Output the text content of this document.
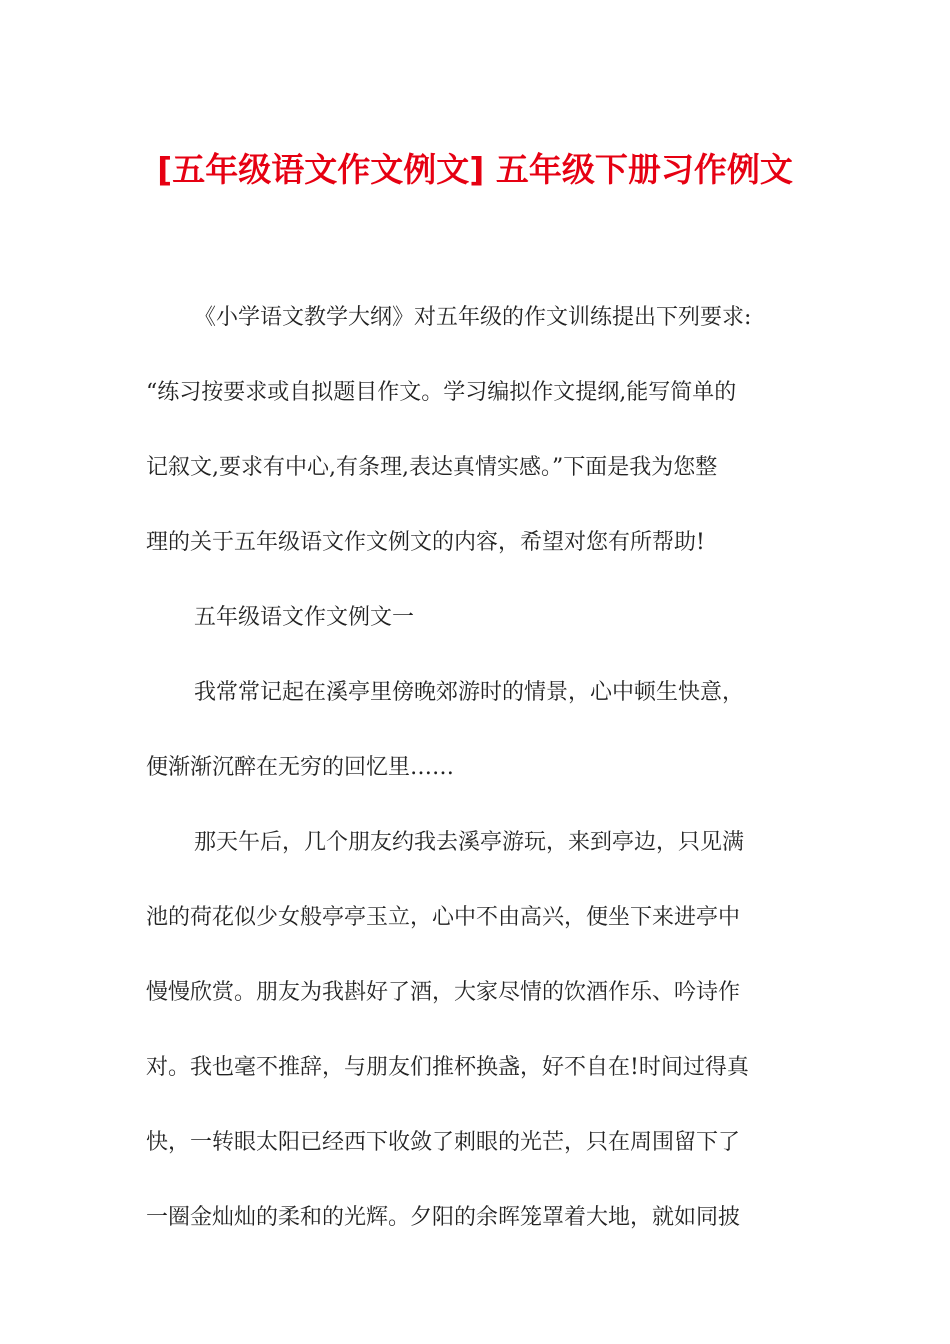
[五年级语文作文例文] 五年级下册习作例文
《小学语文教学大纲》对五年级的作文训练提出下列要求:
“练习按要求或自拟题目作文。学习编拟作文提纲,能写简单的
记叙文,要求有中心,有条理,表达真情实感。”下面是我为您整
理的关于五年级语文作文例文的内容，希望对您有所帮助!
五年级语文作文例文一
我常常记起在溪亭里傍晚郊游时的情景，心中顿生快意，
便渐渐沉醉在无穷的回忆里……
那天午后，几个朋友约我去溪亭游玩，来到亭边，只见满
池的荷花似少女般亭亭玉立，心中不由高兴，便坐下来进亭中
慢慢欣赏。朋友为我斟好了酒，大家尽情的饮酒作乐、吟诗作
对。我也毫不推辞，与朋友们推杯换盏，好不自在!时间过得真
快，一转眼太阳已经西下收敛了刺眼的光芒，只在周围留下了
一圈金灿灿的柔和的光辉。夕阳的余晖笼罩着大地，就如同披
